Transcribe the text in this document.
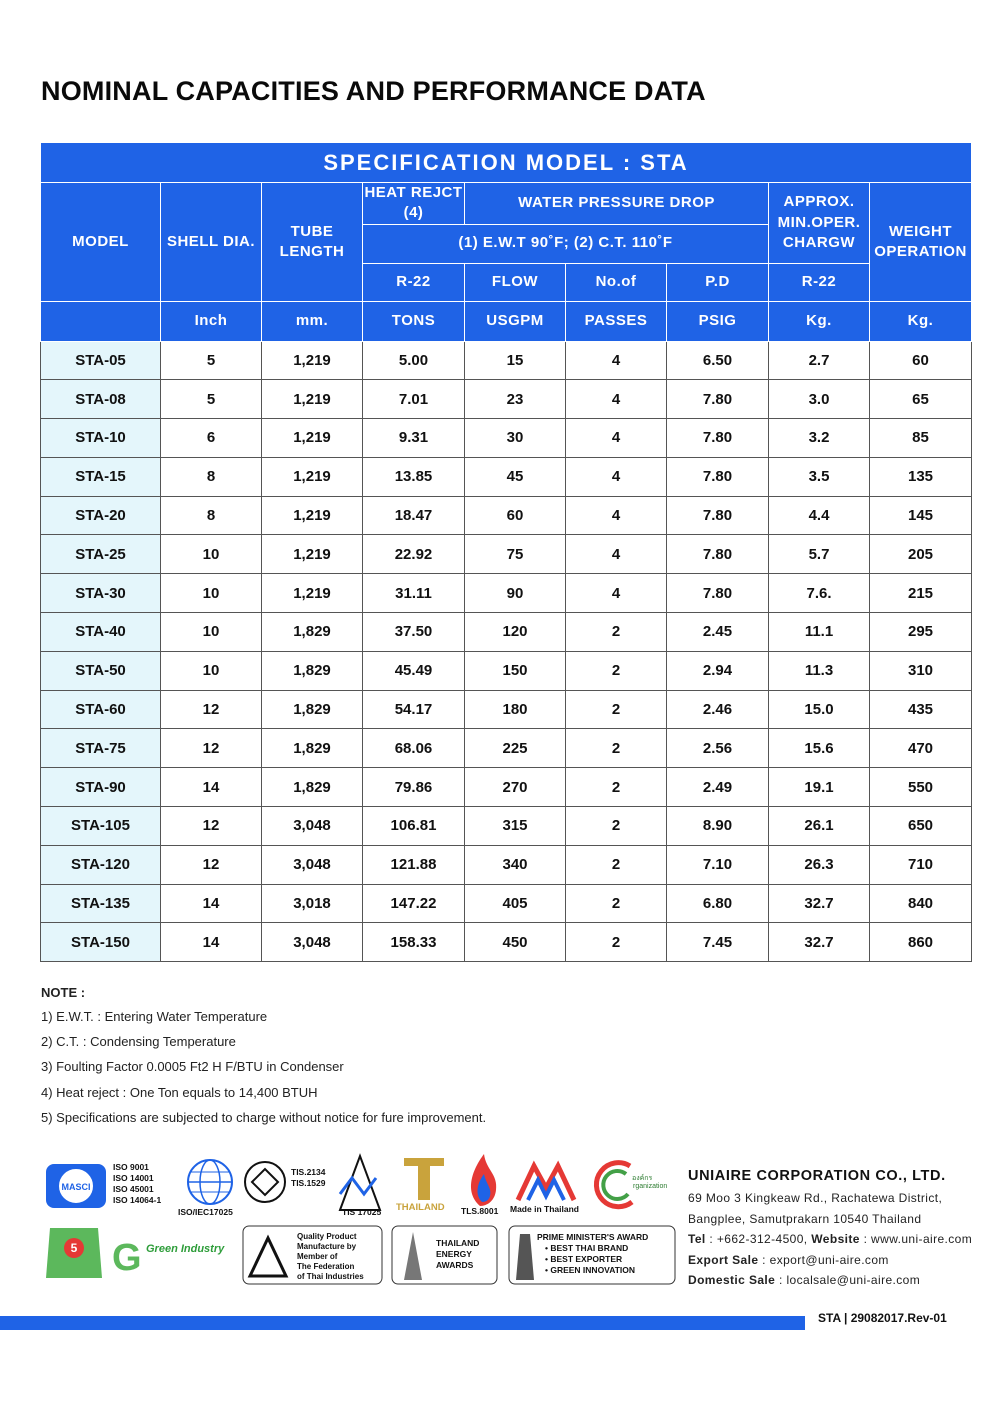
NOMINAL CAPACITIES AND PERFORMANCE DATA
SPECIFICATION MODEL : STA								
MODEL	SHELL DIA.	TUBE LENGTH	HEAT REJCT (4)	WATER PRESSURE DROP			APPROX. MIN.OPER. CHARGW	WEIGHT OPERATION
			(1) E.W.T 90˚F; (2) C.T. 110˚F					
			R-22	FLOW	No.of	P.D	R-22	
	Inch	mm.	TONS	USGPM	PASSES	PSIG	Kg.	Kg.
STA-05	5	1,219	5.00	15	4	6.50	2.7	60
STA-08	5	1,219	7.01	23	4	7.80	3.0	65
STA-10	6	1,219	9.31	30	4	7.80	3.2	85
STA-15	8	1,219	13.85	45	4	7.80	3.5	135
STA-20	8	1,219	18.47	60	4	7.80	4.4	145
STA-25	10	1,219	22.92	75	4	7.80	5.7	205
STA-30	10	1,219	31.11	90	4	7.80	7.6.	215
STA-40	10	1,829	37.50	120	2	2.45	11.1	295
STA-50	10	1,829	45.49	150	2	2.94	11.3	310
STA-60	12	1,829	54.17	180	2	2.46	15.0	435
STA-75	12	1,829	68.06	225	2	2.56	15.6	470
STA-90	14	1,829	79.86	270	2	2.49	19.1	550
STA-105	12	3,048	106.81	315	2	8.90	26.1	650
STA-120	12	3,048	121.88	340	2	7.10	26.3	710
STA-135	14	3,018	147.22	405	2	6.80	32.7	840
STA-150	14	3,048	158.33	450	2	7.45	32.7	860
NOTE :
1) E.W.T. : Entering Water Temperature
2) C.T. : Condensing Temperature
3) Foulting Factor 0.0005 Ft2 H F/BTU in Condenser
4) Heat reject : One Ton equals to 14,400 BTUH
5) Specifications are subjected to charge without notice for fure improvement.
MASCI
ISO 9001
ISO 14001
ISO 45001
ISO 14064-1
ISO/IEC17025
TIS.2134
TIS.1529
TIS 17025 THAILAND TLS.8001 Made in Thailand
องค์กร
rganization
5 G Green Industry
Quality Product
Manufacture by
Member of
The Federation
of Thai Industries
THAILAND
ENERGY
AWARDS
PRIME MINISTER'S AWARD
• BEST THAI BRAND
• BEST EXPORTER
• GREEN INNOVATION
UNIAIRE CORPORATION CO., LTD.
69 Moo 3 Kingkeaw Rd., Rachatewa District,
Bangplee, Samutprakarn 10540 Thailand
Tel : +662-312-4500, Website : www.uni-aire.com
Export Sale : export@uni-aire.com
Domestic Sale : localsale@uni-aire.com
STA | 29082017.Rev-01
